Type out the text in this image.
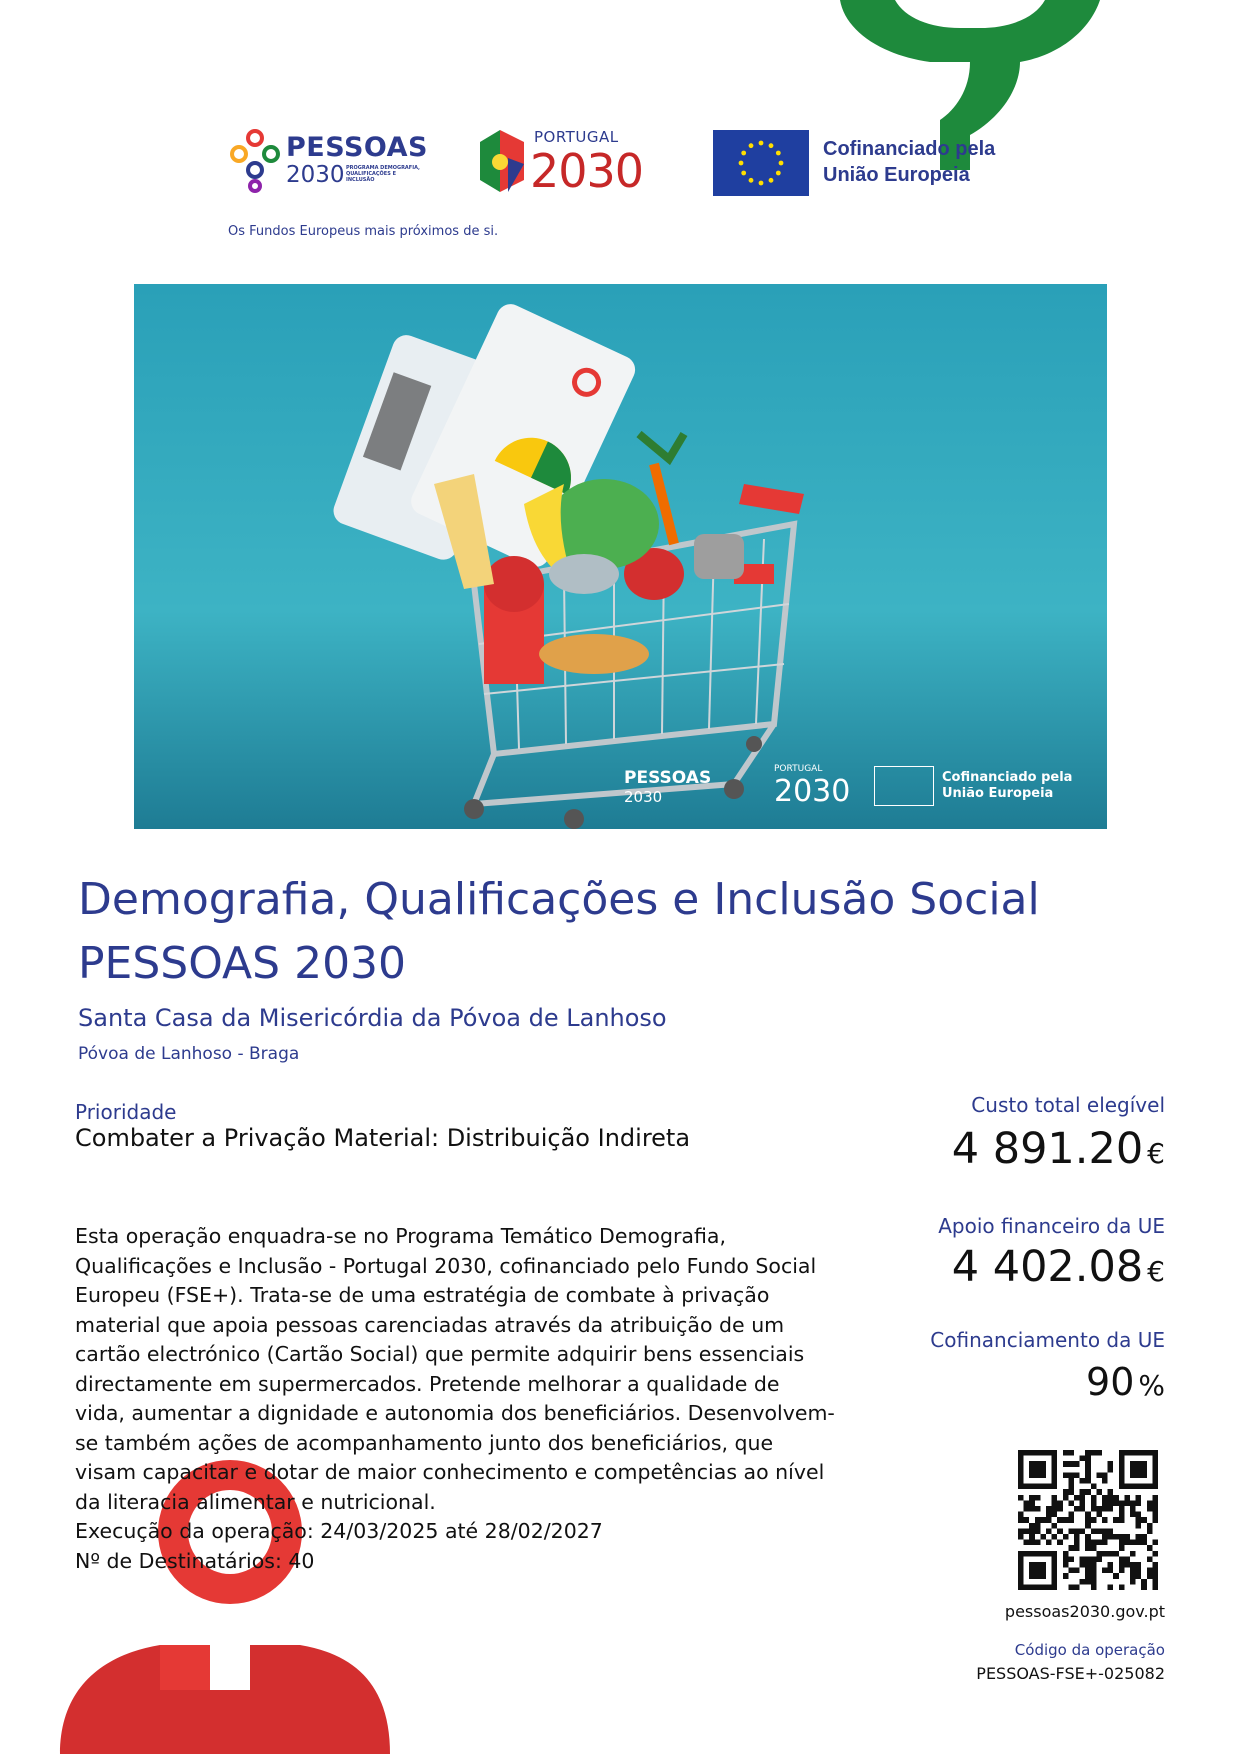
PESSOAS
2030 PROGRAMA DEMOGRAFIA, QUALIFICAÇÕES E INCLUSÃO
Os Fundos Europeus mais próximos de si.
PORTUGAL
2030	Cofinanciado pela
União Europeia
PESSOAS
2030
PORTUGAL
2030	Cofinanciado pela
União Europeia
Demografia, Qualificações e Inclusão Social
PESSOAS 2030
Santa Casa da Misericórdia da Póvoa de Lanhoso
Póvoa de Lanhoso - Braga
Prioridade
Combater a Privação Material: Distribuição Indireta

Esta operação enquadra-se no Programa Temático Demografia, Qualificações e Inclusão - Portugal 2030, cofinanciado pelo Fundo Social Europeu (FSE+). Trata-se de uma estratégia de combate à privação material que apoia pessoas carenciadas através da atribuição de um cartão electrónico (Cartão Social) que permite adquirir bens essenciais directamente em supermercados. Pretende melhorar a qualidade de vida, aumentar a dignidade e autonomia dos beneficiários. Desenvolvem-se também ações de acompanhamento junto dos beneficiários, que visam capacitar e dotar de maior conhecimento e competências ao nível da literacia alimentar e nutricional.

Execução da operação: 24/03/2025 até 28/02/2027

Nº de Destinatários: 40

Custo total elegível
4 891.20 €
Apoio financeiro da UE
4 402.08 €
Cofinanciamento da UE
90 %
pessoas2030.gov.pt
Código da operação
PESSOAS-FSE+-025082
